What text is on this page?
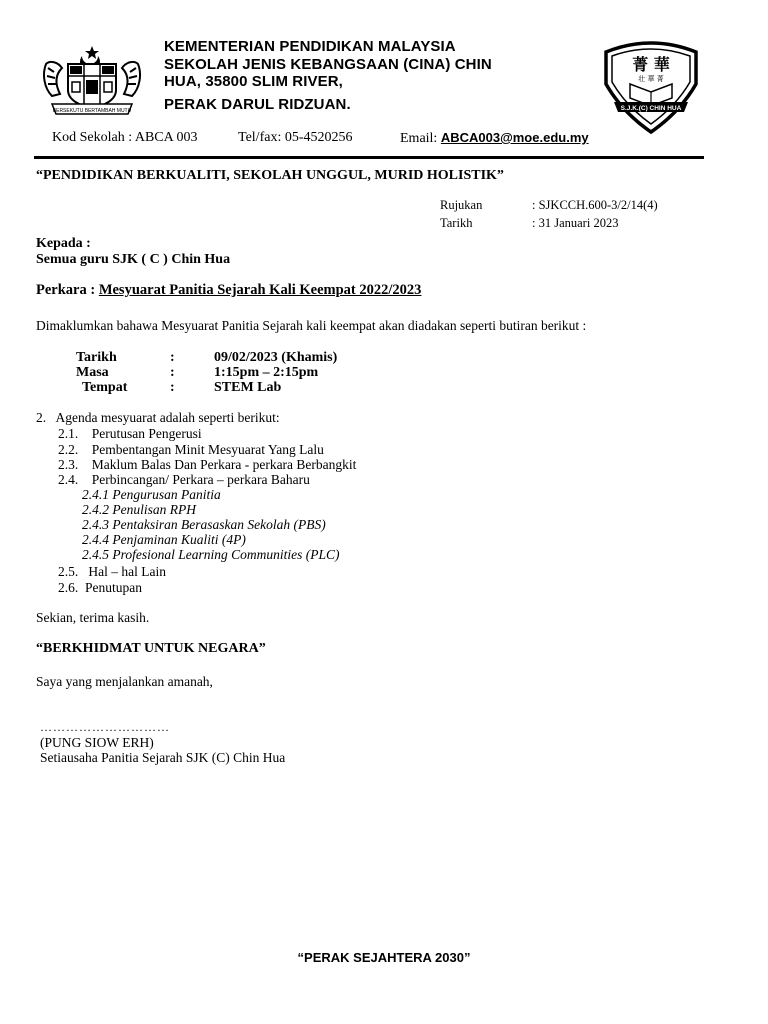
BERSEKUTU BERTAMBAH MUTU
KEMENTERIAN PENDIDIKAN MALAYSIA
SEKOLAH JENIS KEBANGSAAN (CINA) CHIN
HUA, 35800 SLIM RIVER,
PERAK DARUL RIDZUAN.
菁 華
壮 華 菁
S.J.K.(C) CHIN HUA
Kod Sekolah : ABCA 003	Tel/fax: 05-4520256	Email: ABCA003@moe.edu.my
“PENDIDIKAN BERKUALITI, SEKOLAH UNGGUL, MURID HOLISTIK”
Rujukan	: SJKCCH.600-3/2/14(4)
Tarikh	: 31 Januari 2023
Kepada :
Semua guru SJK ( C ) Chin Hua
Perkara : Mesyuarat Panitia Sejarah Kali Keempat 2022/2023
Dimaklumkan bahawa Mesyuarat Panitia Sejarah kali keempat akan diadakan seperti butiran berikut :
Tarikh	:	09/02/2023 (Khamis)
Masa	:	1:15pm – 2:15pm
Tempat	:	STEM Lab
2.   Agenda mesyuarat adalah seperti berikut:
2.1.    Perutusan Pengerusi
2.2.    Pembentangan Minit Mesyuarat Yang Lalu
2.3.    Maklum Balas Dan Perkara - perkara Berbangkit
2.4.    Perbincangan/ Perkara – perkara Baharu
2.4.1 Pengurusan Panitia
2.4.2 Penulisan RPH
2.4.3 Pentaksiran Berasaskan Sekolah (PBS)
2.4.4 Penjaminan Kualiti (4P)
2.4.5 Profesional Learning Communities (PLC)
2.5.   Hal – hal Lain
2.6.  Penutupan
Sekian, terima kasih.
“BERKHIDMAT UNTUK NEGARA”
Saya yang menjalankan amanah,
…………………………
(PUNG SIOW ERH)
Setiausaha Panitia Sejarah SJK (C) Chin Hua
“PERAK SEJAHTERA 2030”
